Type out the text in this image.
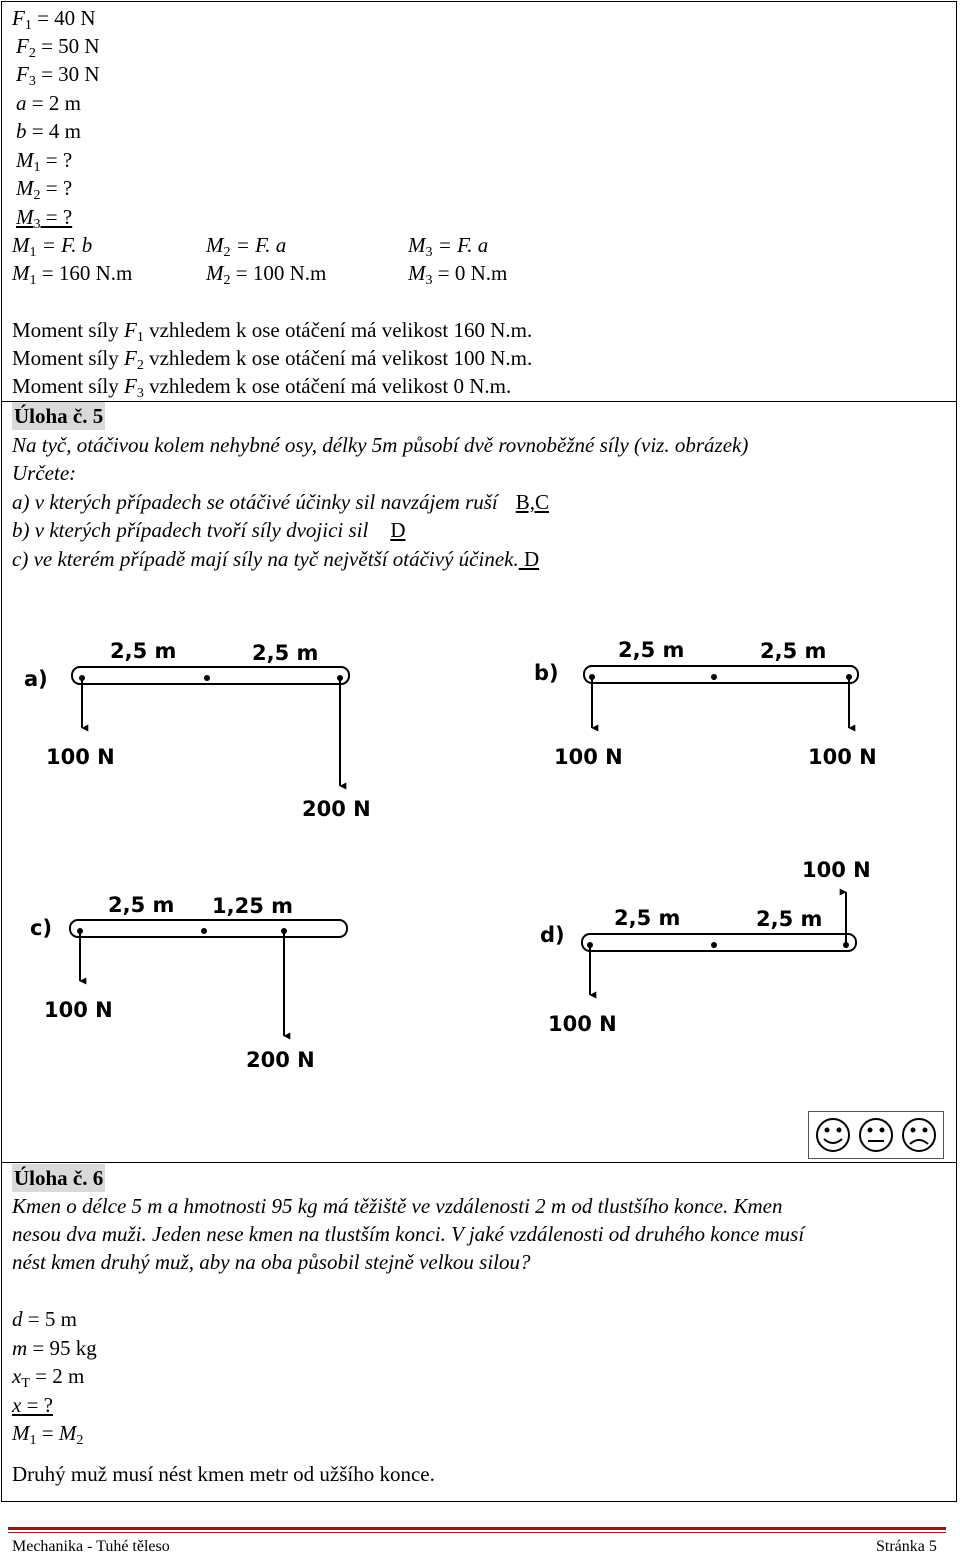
F1 = 40 N
F2 = 50 N
F3 = 30 N
a = 2 m
b = 4 m
M1 = ?
M2 = ?
M3 = ?
M1 = F. b	M2 = F. a	M3 = F. a
M1 = 160 N.m	M2 = 100 N.m	M3 = 0 N.m
Moment síly F1 vzhledem k ose otáčení má velikost 160 N.m.
Moment síly F2 vzhledem k ose otáčení má velikost 100 N.m.
Moment síly F3 vzhledem k ose otáčení má velikost 0 N.m.
Úloha č. 5
Na tyč, otáčivou kolem nehybné osy, délky 5m působí dvě rovnoběžné síly (viz. obrázek)
Určete:
a) v kterých případech se otáčivé účinky sil navzájem ruší B,C
b) v kterých případech tvoří síly dvojici sil D
c) ve kterém případě mají síly na tyč největší otáčivý účinek. D
a)
2,5 m	2,5 m
100 N
200 N
b)
2,5 m	2,5 m
100 N	100 N
c)
2,5 m 1,25 m
100 N
200 N
d)
2,5 m	2,5 m
100 N
100 N
Úloha č. 6
Kmen o délce 5 m a hmotnosti 95 kg má těžiště ve vzdálenosti 2 m od tlustšího konce. Kmen
nesou dva muži. Jeden nese kmen na tlustším konci. V jaké vzdálenosti od druhého konce musí
nést kmen druhý muž, aby na oba působil stejně velkou silou?
d = 5 m
m = 95 kg
xT = 2 m
x = ?
M1 = M2
Druhý muž musí nést kmen metr od užšího konce.
Mechanika - Tuhé těleso	Stránka 5
